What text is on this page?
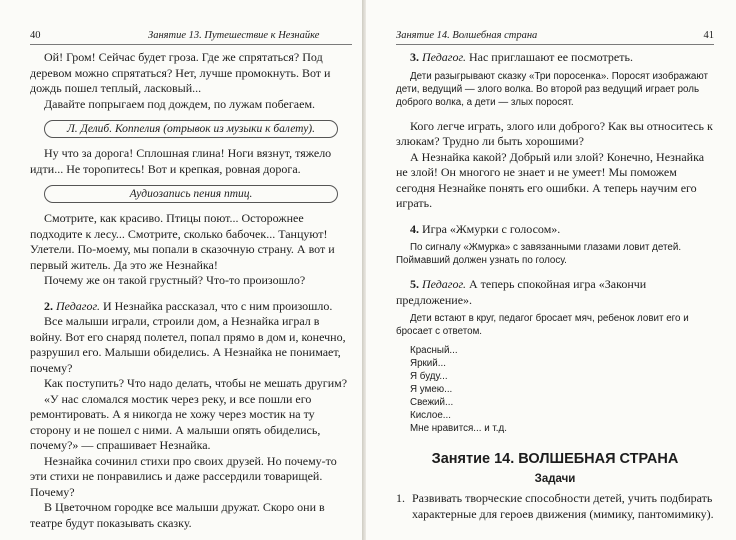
40	Занятие 13. Путешествие к Незнайке

Ой! Гром! Сейчас будет гроза. Где же спрятаться? Под деревом можно спрятаться? Нет, лучше промокнуть. Вот и дождь пошел теплый, ласковый...

Давайте попрыгаем под дождем, по лужам побегаем.

Л. Делиб. Коппелия (отрывок из музыки к балету).

Ну что за дорога! Сплошная глина! Ноги вязнут, тяжело идти... Не торопитесь! Вот и крепкая, ровная дорога.

Аудиозапись пения птиц.

Смотрите, как красиво. Птицы поют... Осторожнее подходите к лесу... Смотрите, сколько бабочек... Танцуют! Улетели. По-моему, мы попали в сказочную страну. А вот и первый житель. Да это же Незнайка!

Почему же он такой грустный? Что-то произошло?

2. Педагог. И Незнайка рассказал, что с ним произошло.

Все малыши играли, строили дом, а Незнайка играл в войну. Вот его снаряд полетел, попал прямо в дом и, конечно, разрушил его. Малыши обиделись. А Незнайка не понимает, почему?

Как поступить? Что надо делать, чтобы не мешать другим?

«У нас сломался мостик через реку, и все пошли его ремонтировать. А я никогда не хожу через мостик на ту сторону и не пошел с ними. А малыши опять обиделись, почему?» — спрашивает Незнайка.

Незнайка сочинил стихи про своих друзей. Но почему-то эти стихи не понравились и даже рассердили товарищей. Почему?

В Цветочном городке все малыши дружат. Скоро они в театре будут показывать сказку.

Занятие 14. Волшебная страна	41

3. Педагог. Нас приглашают ее посмотреть.

Дети разыгрывают сказку «Три поросенка». Поросят изображают дети, ведущий — злого волка. Во второй раз ведущий играет роль доброго волка, а дети — злых поросят.

Кого легче играть, злого или доброго? Как вы относитесь к злюкам? Трудно ли быть хорошими?

А Незнайка какой? Добрый или злой? Конечно, Незнайка не злой! Он многого не знает и не умеет! Мы поможем сегодня Незнайке понять его ошибки. А теперь научим его играть.

4. Игра «Жмурки с голосом».

По сигналу «Жмурка» с завязанными глазами ловит детей. Поймавший должен узнать по голосу.

5. Педагог. А теперь спокойная игра «Закончи предложение».

Дети встают в круг, педагог бросает мяч, ребенок ловит его и бросает с ответом.

Красный...

Яркий...

Я буду...

Я умею...

Свежий...

Кислое...

Мне нравится... и т.д.

Занятие 14. ВОЛШЕБНАЯ СТРАНА
Задачи

1. Развивать творческие способности детей, учить подбирать характерные для героев движения (мимику, пантомимику).
